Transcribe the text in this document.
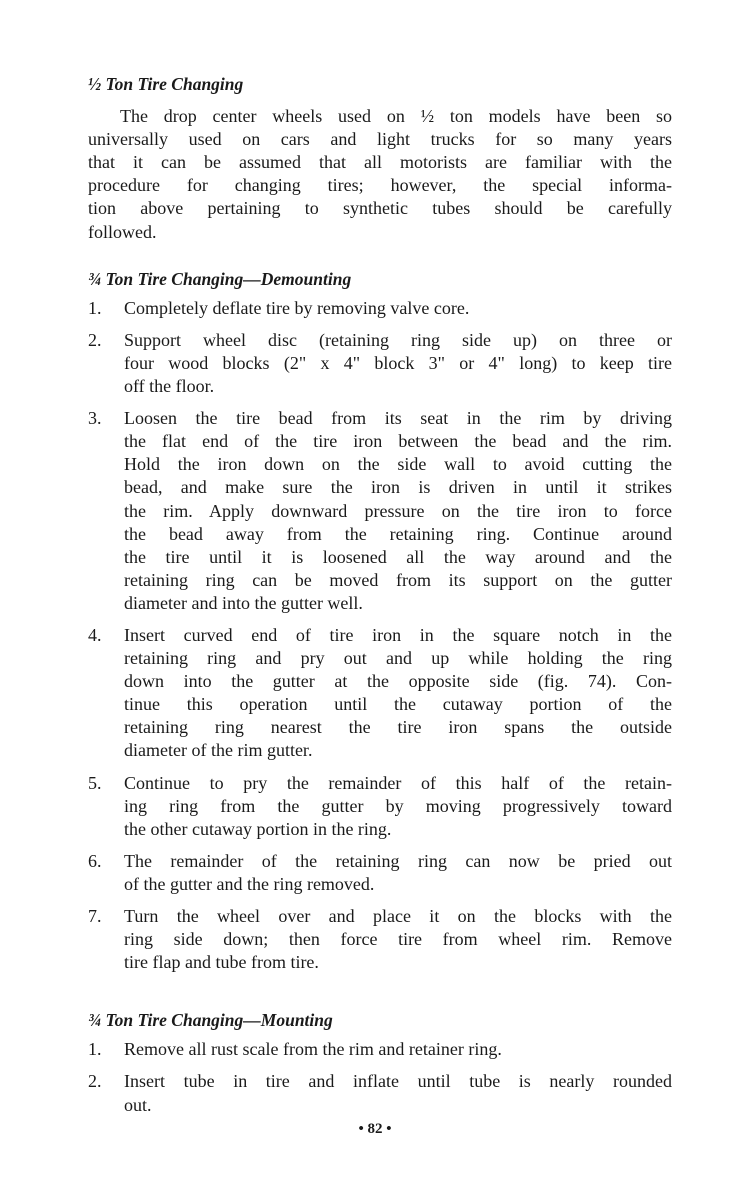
½ Ton Tire Changing
The drop center wheels used on ½ ton models have been so
universally used on cars and light trucks for so many years
that it can be assumed that all motorists are familiar with the
procedure for changing tires; however, the special informa-
tion above pertaining to synthetic tubes should be carefully
followed.
¾ Ton Tire Changing—Demounting
1.	Completely deflate tire by removing valve core.
2.	Support wheel disc (retaining ring side up) on three or
four wood blocks (2" x 4" block 3" or 4" long) to keep tire
off the floor.
3.	Loosen the tire bead from its seat in the rim by driving
the flat end of the tire iron between the bead and the rim.
Hold the iron down on the side wall to avoid cutting the
bead, and make sure the iron is driven in until it strikes
the rim. Apply downward pressure on the tire iron to force
the bead away from the retaining ring. Continue around
the tire until it is loosened all the way around and the
retaining ring can be moved from its support on the gutter
diameter and into the gutter well.
4.	Insert curved end of tire iron in the square notch in the
retaining ring and pry out and up while holding the ring
down into the gutter at the opposite side (fig. 74). Con-
tinue this operation until the cutaway portion of the
retaining ring nearest the tire iron spans the outside
diameter of the rim gutter.
5.	Continue to pry the remainder of this half of the retain-
ing ring from the gutter by moving progressively toward
the other cutaway portion in the ring.
6.	The remainder of the retaining ring can now be pried out
of the gutter and the ring removed.
7.	Turn the wheel over and place it on the blocks with the
ring side down; then force tire from wheel rim. Remove
tire flap and tube from tire.
¾ Ton Tire Changing—Mounting
1.	Remove all rust scale from the rim and retainer ring.
2.	Insert tube in tire and inflate until tube is nearly rounded
out.
• 82 •
